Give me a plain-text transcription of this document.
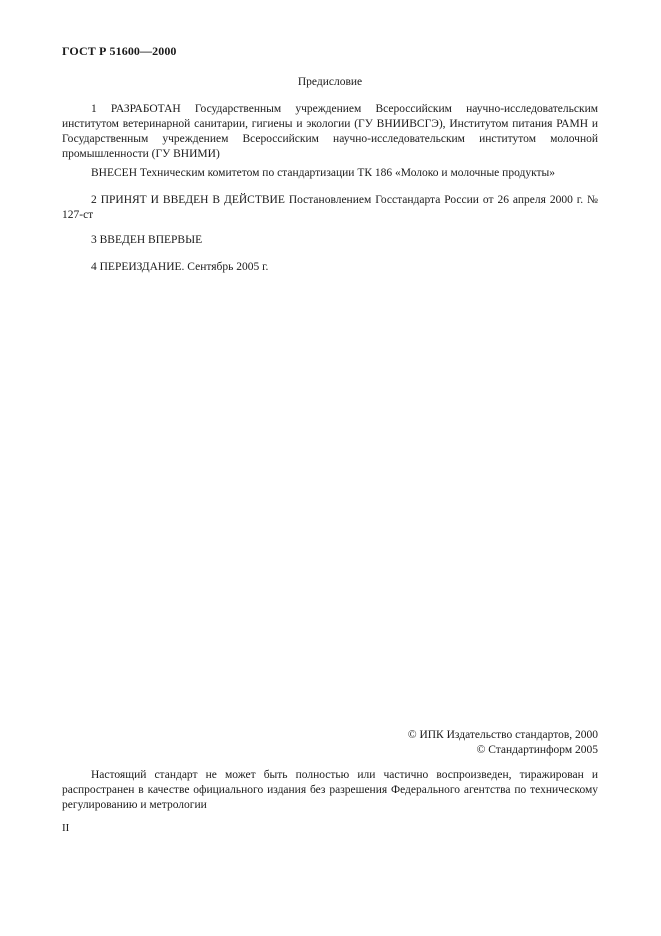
ГОСТ Р 51600—2000
Предисловие

1 РАЗРАБОТАН Государственным учреждением Всероссийским научно-исследовательским институтом ветеринарной санитарии, гигиены и экологии (ГУ ВНИИВСГЭ), Институтом питания РАМН и Государственным учреждением Всероссийским научно-исследовательским институтом молочной промышленности (ГУ ВНИМИ)

ВНЕСЕН Техническим комитетом по стандартизации ТК 186 «Молоко и молочные продукты»

2 ПРИНЯТ И ВВЕДЕН В ДЕЙСТВИЕ Постановлением Госстандарта России от 26 апреля 2000 г. № 127-ст

3 ВВЕДЕН ВПЕРВЫЕ

4 ПЕРЕИЗДАНИЕ. Сентябрь 2005 г.

© ИПК Издательство стандартов, 2000
© Стандартинформ 2005

Настоящий стандарт не может быть полностью или частично воспроизведен, тиражирован и распространен в качестве официального издания без разрешения Федерального агентства по техническому регулированию и метрологии

II
